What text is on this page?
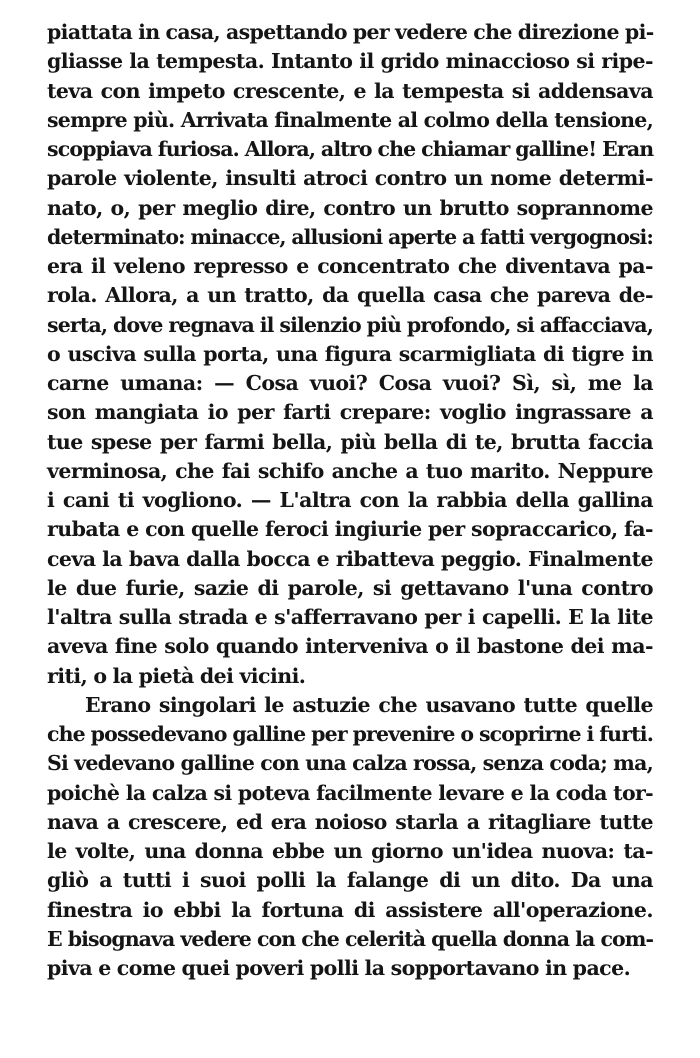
piattata in casa, aspettando per vedere che direzione pi-
gliasse la tempesta. Intanto il grido minaccioso si ripe-
teva con impeto crescente, e la tempesta si addensava
sempre più. Arrivata finalmente al colmo della tensione,
scoppiava furiosa. Allora, altro che chiamar galline! Eran
parole violente, insulti atroci contro un nome determi-
nato, o, per meglio dire, contro un brutto soprannome
determinato: minacce, allusioni aperte a fatti vergognosi:
era il veleno represso e concentrato che diventava pa-
rola. Allora, a un tratto, da quella casa che pareva de-
serta, dove regnava il silenzio più profondo, si affacciava,
o usciva sulla porta, una figura scarmigliata di tigre in
carne umana: — Cosa vuoi? Cosa vuoi? Sì, sì, me la
son mangiata io per farti crepare: voglio ingrassare a
tue spese per farmi bella, più bella di te, brutta faccia
verminosa, che fai schifo anche a tuo marito. Neppure
i cani ti vogliono. — L'altra con la rabbia della gallina
rubata e con quelle feroci ingiurie per sopraccarico, fa-
ceva la bava dalla bocca e ribatteva peggio. Finalmente
le due furie, sazie di parole, si gettavano l'una contro
l'altra sulla strada e s'afferravano per i capelli. E la lite
aveva fine solo quando interveniva o il bastone dei ma-
riti, o la pietà dei vicini.
Erano singolari le astuzie che usavano tutte quelle
che possedevano galline per prevenire o scoprirne i furti.
Si vedevano galline con una calza rossa, senza coda; ma,
poichè la calza si poteva facilmente levare e la coda tor-
nava a crescere, ed era noioso starla a ritagliare tutte
le volte, una donna ebbe un giorno un'idea nuova: ta-
gliò a tutti i suoi polli la falange di un dito. Da una
finestra io ebbi la fortuna di assistere all'operazione.
E bisognava vedere con che celerità quella donna la com-
piva e come quei poveri polli la sopportavano in pace.
